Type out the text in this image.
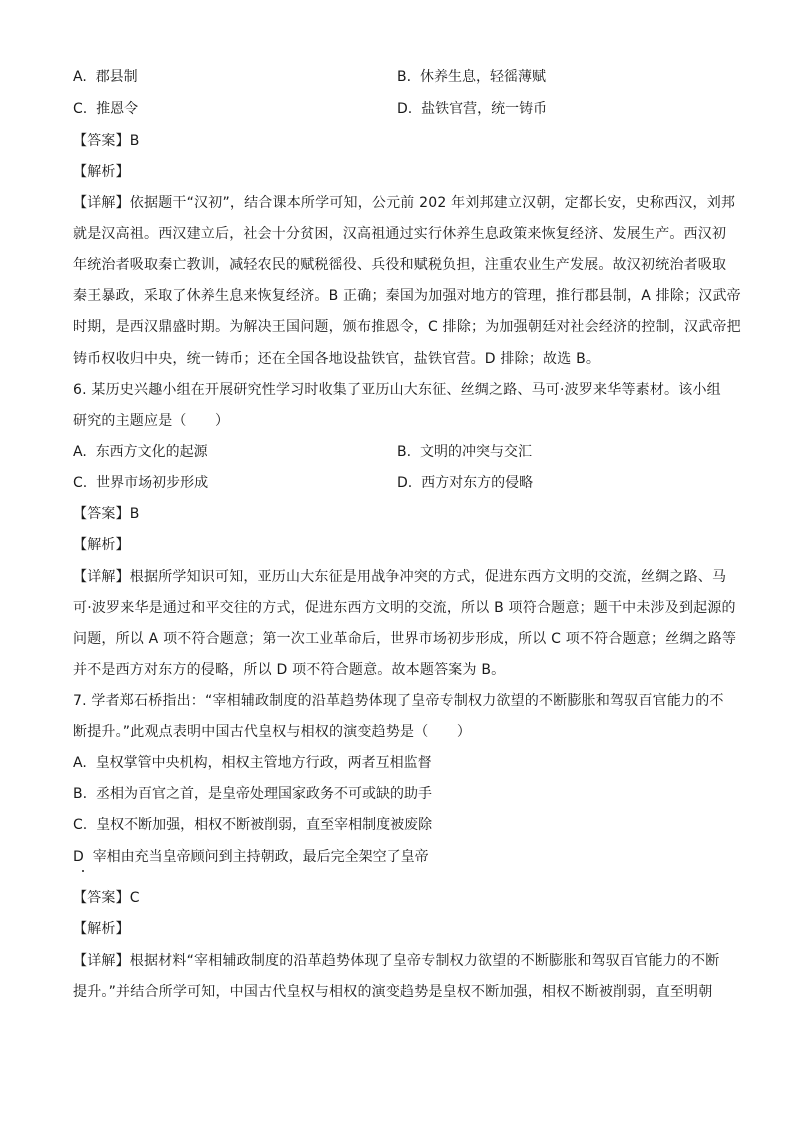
A. 郡县制	B. 休养生息，轻徭薄赋
C. 推恩令	D. 盐铁官营，统一铸币
【答案】B
【解析】
【详解】依据题干“汉初”，结合课本所学可知，公元前 202 年刘邦建立汉朝，定都长安，史称西汉，刘邦
就是汉高祖。西汉建立后，社会十分贫困，汉高祖通过实行休养生息政策来恢复经济、发展生产。西汉初
年统治者吸取秦亡教训，减轻农民的赋税徭役、兵役和赋税负担，注重农业生产发展。故汉初统治者吸取
秦王暴政，采取了休养生息来恢复经济。B 正确；秦国为加强对地方的管理，推行郡县制，A 排除；汉武帝
时期，是西汉鼎盛时期。为解决王国问题，颁布推恩令，C 排除；为加强朝廷对社会经济的控制，汉武帝把
铸币权收归中央，统一铸币；还在全国各地设盐铁官，盐铁官营。D 排除；故选 B。
6. 某历史兴趣小组在开展研究性学习时收集了亚历山大东征、丝绸之路、马可·波罗来华等素材。该小组
研究的主题应是（　　）
A. 东西方文化的起源	B. 文明的冲突与交汇
C. 世界市场初步形成	D. 西方对东方的侵略
【答案】B
【解析】
【详解】根据所学知识可知，亚历山大东征是用战争冲突的方式，促进东西方文明的交流，丝绸之路、马
可·波罗来华是通过和平交往的方式，促进东西方文明的交流，所以 B 项符合题意；题干中未涉及到起源的
问题，所以 A 项不符合题意；第一次工业革命后，世界市场初步形成，所以 C 项不符合题意；丝绸之路等
并不是西方对东方的侵略，所以 D 项不符合题意。故本题答案为 B。
7. 学者郑石桥指出：“宰相辅政制度的沿革趋势体现了皇帝专制权力欲望的不断膨胀和驾驭百官能力的不
断提升。”此观点表明中国古代皇权与相权的演变趋势是（　　）
A. 皇权掌管中央机构，相权主管地方行政，两者互相监督
B. 丞相为百官之首，是皇帝处理国家政务不可或缺的助手
C. 皇权不断加强，相权不断被削弱，直至宰相制度被废除
D 宰相由充当皇帝顾问到主持朝政，最后完全架空了皇帝
【答案】C
【解析】
【详解】根据材料“宰相辅政制度的沿革趋势体现了皇帝专制权力欲望的不断膨胀和驾驭百官能力的不断
提升。”并结合所学可知，中国古代皇权与相权的演变趋势是皇权不断加强，相权不断被削弱，直至明朝
